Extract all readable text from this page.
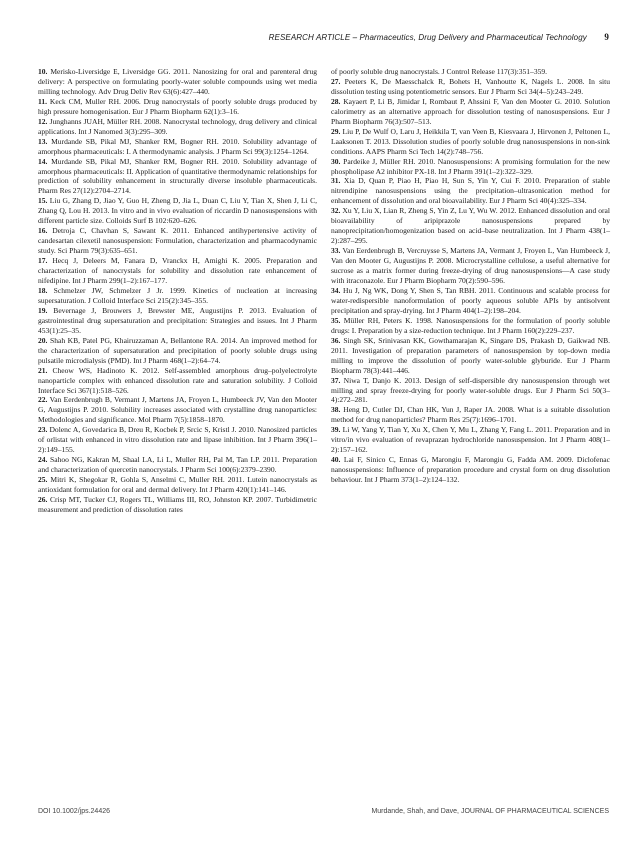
RESEARCH ARTICLE – Pharmaceutics, Drug Delivery and Pharmaceutical Technology 9

10. Merisko-Liversidge E, Liversidge GG. 2011. Nanosizing for oral and parenteral drug delivery: A perspective on formulating poorly-water soluble compounds using wet media milling technology. Adv Drug Deliv Rev 63(6):427–440.

11. Keck CM, Muller RH. 2006. Drug nanocrystals of poorly soluble drugs produced by high pressure homogenisation. Eur J Pharm Biopharm 62(1):3–16.

12. Junghanns JUAH, Müller RH. 2008. Nanocrystal technology, drug delivery and clinical applications. Int J Nanomed 3(3):295–309.

13. Murdande SB, Pikal MJ, Shanker RM, Bogner RH. 2010. Solubility advantage of amorphous pharmaceuticals: I. A thermodynamic analysis. J Pharm Sci 99(3):1254–1264.

14. Murdande SB, Pikal MJ, Shanker RM, Bogner RH. 2010. Solubility advantage of amorphous pharmaceuticals: II. Application of quantitative thermodynamic relationships for prediction of solubility enhancement in structurally diverse insoluble pharmaceuticals. Pharm Res 27(12):2704–2714.

15. Liu G, Zhang D, Jiao Y, Guo H, Zheng D, Jia L, Duan C, Liu Y, Tian X, Shen J, Li C, Zhang Q, Lou H. 2013. In vitro and in vivo evaluation of riccardin D nanosuspensions with different particle size. Colloids Surf B 102:620–626.

16. Detroja C, Chavhan S, Sawant K. 2011. Enhanced antihypertensive activity of candesartan cilexetil nanosuspension: Formulation, characterization and pharmacodynamic study. Sci Pharm 79(3):635–651.

17. Hecq J, Deleers M, Fanara D, Vranckx H, Amighi K. 2005. Preparation and characterization of nanocrystals for solubility and dissolution rate enhancement of nifedipine. Int J Pharm 299(1–2):167–177.

18. Schmelzer JW, Schmelzer J Jr. 1999. Kinetics of nucleation at increasing supersaturation. J Colloid Interface Sci 215(2):345–355.

19. Bevernage J, Brouwers J, Brewster ME, Augustijns P. 2013. Evaluation of gastrointestinal drug supersaturation and precipitation: Strategies and issues. Int J Pharm 453(1):25–35.

20. Shah KB, Patel PG, Khairuzzaman A, Bellantone RA. 2014. An improved method for the characterization of supersaturation and precipitation of poorly soluble drugs using pulsatile microdialysis (PMD). Int J Pharm 468(1–2):64–74.

21. Cheow WS, Hadinoto K. 2012. Self-assembled amorphous drug–polyelectrolyte nanoparticle complex with enhanced dissolution rate and saturation solubility. J Colloid Interface Sci 367(1):518–526.

22. Van Eerdenbrugh B, Vermant J, Martens JA, Froyen L, Humbeeck JV, Van den Mooter G, Augustijns P. 2010. Solubility increases associated with crystalline drug nanoparticles: Methodologies and significance. Mol Pharm 7(5):1858–1870.

23. Dolenc A, Govedarica B, Dreu R, Kocbek P, Srcic S, Kristl J. 2010. Nanosized particles of orlistat with enhanced in vitro dissolution rate and lipase inhibition. Int J Pharm 396(1–2):149–155.

24. Sahoo NG, Kakran M, Shaal LA, Li L, Muller RH, Pal M, Tan LP. 2011. Preparation and characterization of quercetin nanocrystals. J Pharm Sci 100(6):2379–2390.

25. Mitri K, Shegokar R, Gohla S, Anselmi C, Muller RH. 2011. Lutein nanocrystals as antioxidant formulation for oral and dermal delivery. Int J Pharm 420(1):141–146.

26. Crisp MT, Tucker CJ, Rogers TL, Williams III, RO, Johnston KP. 2007. Turbidimetric measurement and prediction of dissolution rates

of poorly soluble drug nanocrystals. J Control Release 117(3):351–359.

27. Peeters K, De Maesschalck R, Bohets H, Vanhoutte K, Nagels L. 2008. In situ dissolution testing using potentiometric sensors. Eur J Pharm Sci 34(4–5):243–249.

28. Kayaert P, Li B, Jimidar I, Rombaut P, Ahssini F, Van den Mooter G. 2010. Solution calorimetry as an alternative approach for dissolution testing of nanosuspensions. Eur J Pharm Biopharm 76(3):507–513.

29. Liu P, De Wulf O, Laru J, Heikkila T, van Veen B, Kiesvaara J, Hirvonen J, Peltonen L, Laaksonen T. 2013. Dissolution studies of poorly soluble drug nanosuspensions in non-sink conditions. AAPS Pharm Sci Tech 14(2):748–756.

30. Pardeike J, Müller RH. 2010. Nanosuspensions: A promising formulation for the new phospholipase A2 inhibitor PX-18. Int J Pharm 391(1–2):322–329.

31. Xia D, Quan P, Piao H, Piao H, Sun S, Yin Y, Cui F. 2010. Preparation of stable nitrendipine nanosuspensions using the precipitation–ultrasonication method for enhancement of dissolution and oral bioavailability. Eur J Pharm Sci 40(4):325–334.

32. Xu Y, Liu X, Lian R, Zheng S, Yin Z, Lu Y, Wu W. 2012. Enhanced dissolution and oral bioavailability of aripiprazole nanosuspensions prepared by nanoprecipitation/homogenization based on acid–base neutralization. Int J Pharm 438(1–2):287–295.

33. Van Eerdenbrugh B, Vercruysse S, Martens JA, Vermant J, Froyen L, Van Humbeeck J, Van den Mooter G, Augustijns P. 2008. Microcrystalline cellulose, a useful alternative for sucrose as a matrix former during freeze-drying of drug nanosuspensions—A case study with itraconazole. Eur J Pharm Biopharm 70(2):590–596.

34. Hu J, Ng WK, Dong Y, Shen S, Tan RBH. 2011. Continuous and scalable process for water-redispersible nanoformulation of poorly aqueous soluble APIs by antisolvent precipitation and spray-drying. Int J Pharm 404(1–2):198–204.

35. Müller RH, Peters K. 1998. Nanosuspensions for the formulation of poorly soluble drugs: I. Preparation by a size-reduction technique. Int J Pharm 160(2):229–237.

36. Singh SK, Srinivasan KK, Gowthamarajan K, Singare DS, Prakash D, Gaikwad NB. 2011. Investigation of preparation parameters of nanosuspension by top-down media milling to improve the dissolution of poorly water-soluble glyburide. Eur J Pharm Biopharm 78(3):441–446.

37. Niwa T, Danjo K. 2013. Design of self-dispersible dry nanosuspension through wet milling and spray freeze-drying for poorly water-soluble drugs. Eur J Pharm Sci 50(3–4):272–281.

38. Heng D, Cutler DJ, Chan HK, Yun J, Raper JA. 2008. What is a suitable dissolution method for drug nanoparticles? Pharm Res 25(7):1696–1701.

39. Li W, Yang Y, Tian Y, Xu X, Chen Y, Mu L, Zhang Y, Fang L. 2011. Preparation and in vitro/in vivo evaluation of revaprazan hydrochloride nanosuspension. Int J Pharm 408(1–2):157–162.

40. Lai F, Sinico C, Ennas G, Marongiu F, Marongiu G, Fadda AM. 2009. Diclofenac nanosuspensions: Influence of preparation procedure and crystal form on drug dissolution behaviour. Int J Pharm 373(1–2):124–132.

DOI 10.1002/jps.24426	Murdande, Shah, and Dave, JOURNAL OF PHARMACEUTICAL SCIENCES
